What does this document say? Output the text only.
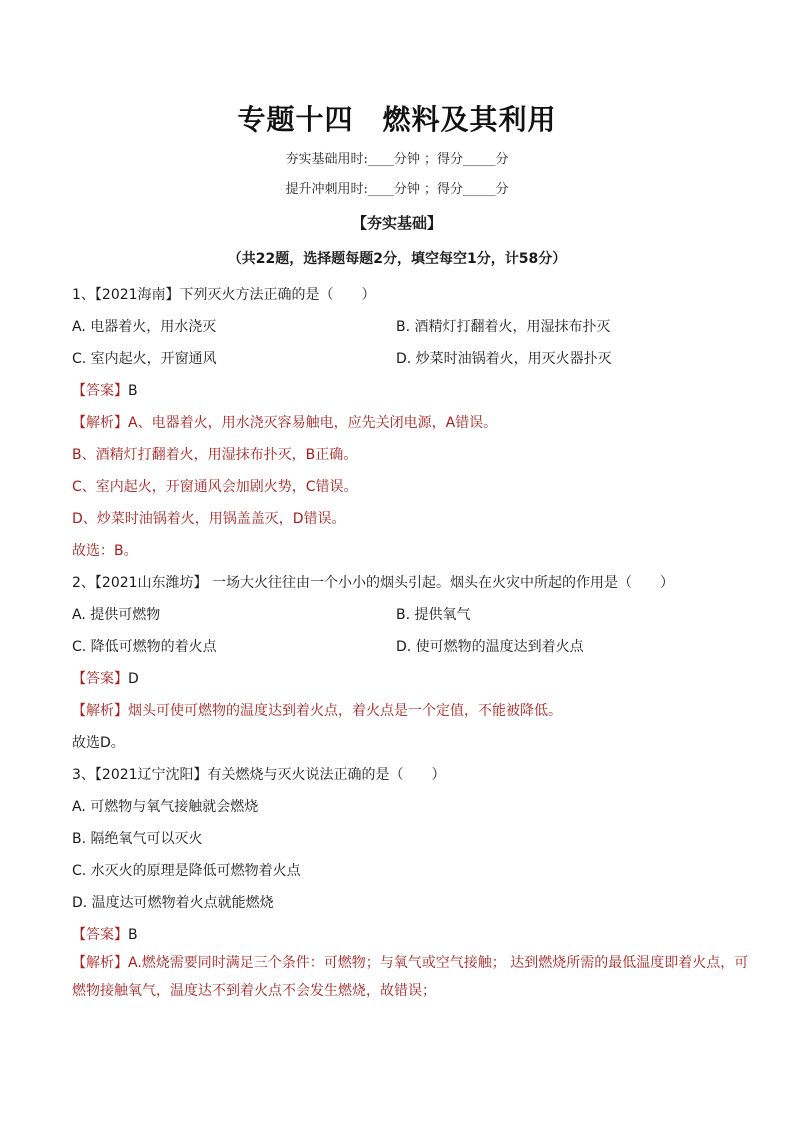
专题十四　燃料及其利用
夯实基础用时:____分钟 ；得分_____分
提升冲刺用时:____分钟 ；得分_____分
【夯实基础】
（共22题，选择题每题2分，填空每空1分，计58分）
1、【2021海南】下列灭火方法正确的是（　　）
A. 电器着火，用水浇灭	B. 酒精灯打翻着火，用湿抹布扑灭
C. 室内起火，开窗通风	D. 炒菜时油锅着火，用灭火器扑灭
【答案】B
【解析】A、电器着火，用水浇灭容易触电，应先关闭电源，A错误。
B、酒精灯打翻着火，用湿抹布扑灭，B正确。
C、室内起火，开窗通风会加剧火势，C错误。
D、炒菜时油锅着火，用锅盖盖灭，D错误。
故选：B。
2、【2021山东潍坊】 一场大火往往由一个小小的烟头引起。烟头在火灾中所起的作用是（　　）
A. 提供可燃物	B. 提供氧气
C. 降低可燃物的着火点	D. 使可燃物的温度达到着火点
【答案】D
【解析】烟头可使可燃物的温度达到着火点，着火点是一个定值，不能被降低。
故选D。
3、【2021辽宁沈阳】有关燃烧与灭火说法正确的是（　　）
A. 可燃物与氧气接触就会燃烧
B. 隔绝氧气可以灭火
C. 水灭火的原理是降低可燃物着火点
D. 温度达可燃物着火点就能燃烧
【答案】B
【解析】A.燃烧需要同时满足三个条件：可燃物；与氧气或空气接触； 达到燃烧所需的最低温度即着火点，可燃物接触氧气，温度达不到着火点不会发生燃烧，故错误；
